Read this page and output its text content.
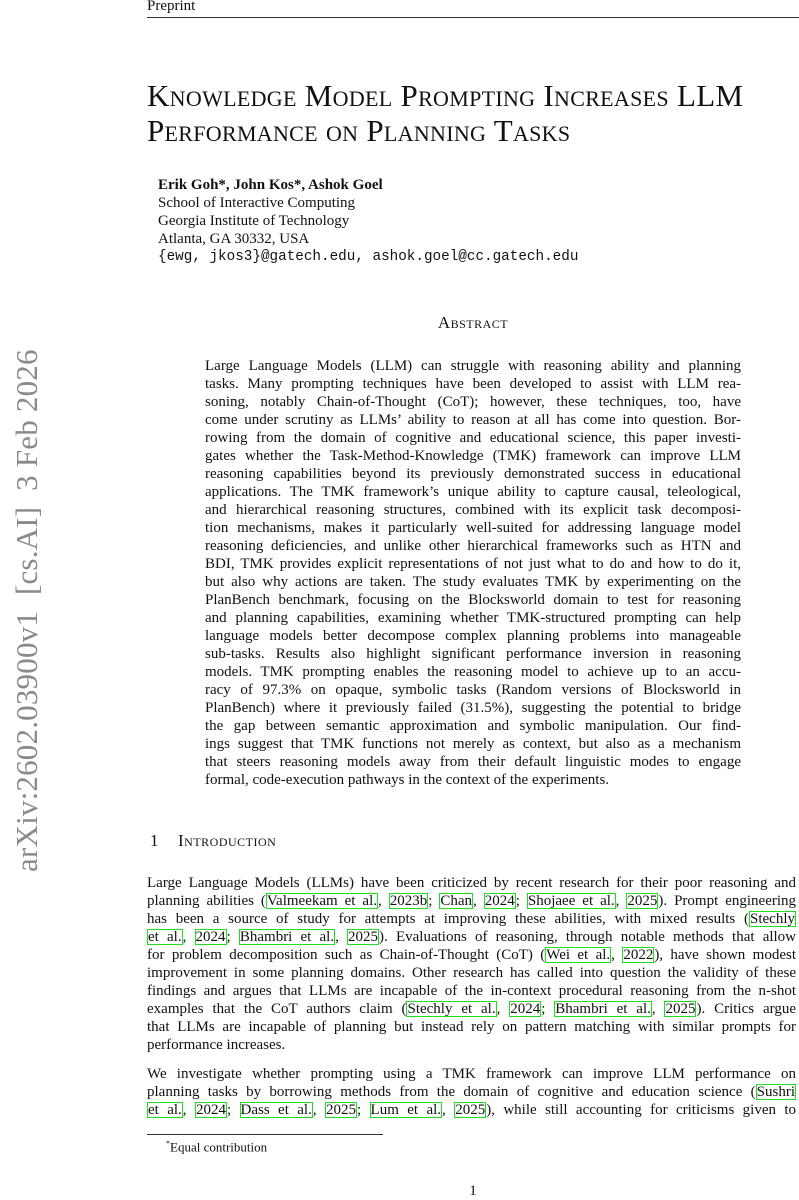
Preprint
arXiv:2602.03900v1  [cs.AI]  3 Feb 2026
Knowledge Model Prompting Increases LLM
Performance on Planning Tasks
Erik Goh*, John Kos*, Ashok Goel
School of Interactive Computing
Georgia Institute of Technology
Atlanta, GA 30332, USA
{ewg, jkos3}@gatech.edu, ashok.goel@cc.gatech.edu
Abstract
Large Language Models (LLM) can struggle with reasoning ability and planning
tasks. Many prompting techniques have been developed to assist with LLM rea-
soning, notably Chain-of-Thought (CoT); however, these techniques, too, have
come under scrutiny as LLMs’ ability to reason at all has come into question. Bor-
rowing from the domain of cognitive and educational science, this paper investi-
gates whether the Task-Method-Knowledge (TMK) framework can improve LLM
reasoning capabilities beyond its previously demonstrated success in educational
applications. The TMK framework’s unique ability to capture causal, teleological,
and hierarchical reasoning structures, combined with its explicit task decomposi-
tion mechanisms, makes it particularly well-suited for addressing language model
reasoning deficiencies, and unlike other hierarchical frameworks such as HTN and
BDI, TMK provides explicit representations of not just what to do and how to do it,
but also why actions are taken. The study evaluates TMK by experimenting on the
PlanBench benchmark, focusing on the Blocksworld domain to test for reasoning
and planning capabilities, examining whether TMK-structured prompting can help
language models better decompose complex planning problems into manageable
sub-tasks. Results also highlight significant performance inversion in reasoning
models. TMK prompting enables the reasoning model to achieve up to an accu-
racy of 97.3% on opaque, symbolic tasks (Random versions of Blocksworld in
PlanBench) where it previously failed (31.5%), suggesting the potential to bridge
the gap between semantic approximation and symbolic manipulation. Our find-
ings suggest that TMK functions not merely as context, but also as a mechanism
that steers reasoning models away from their default linguistic modes to engage
formal, code-execution pathways in the context of the experiments.
1 Introduction
Large Language Models (LLMs) have been criticized by recent research for their poor reasoning and
planning abilities (Valmeekam et al., 2023b; Chan, 2024; Shojaee et al., 2025). Prompt engineering
has been a source of study for attempts at improving these abilities, with mixed results (Stechly
et al., 2024; Bhambri et al., 2025). Evaluations of reasoning, through notable methods that allow
for problem decomposition such as Chain-of-Thought (CoT) (Wei et al., 2022), have shown modest
improvement in some planning domains. Other research has called into question the validity of these
findings and argues that LLMs are incapable of the in-context procedural reasoning from the n-shot
examples that the CoT authors claim (Stechly et al., 2024; Bhambri et al., 2025). Critics argue
that LLMs are incapable of planning but instead rely on pattern matching with similar prompts for
performance increases.
We investigate whether prompting using a TMK framework can improve LLM performance on
planning tasks by borrowing methods from the domain of cognitive and education science (Sushri
et al., 2024; Dass et al., 2025; Lum et al., 2025), while still accounting for criticisms given to
*Equal contribution
1
